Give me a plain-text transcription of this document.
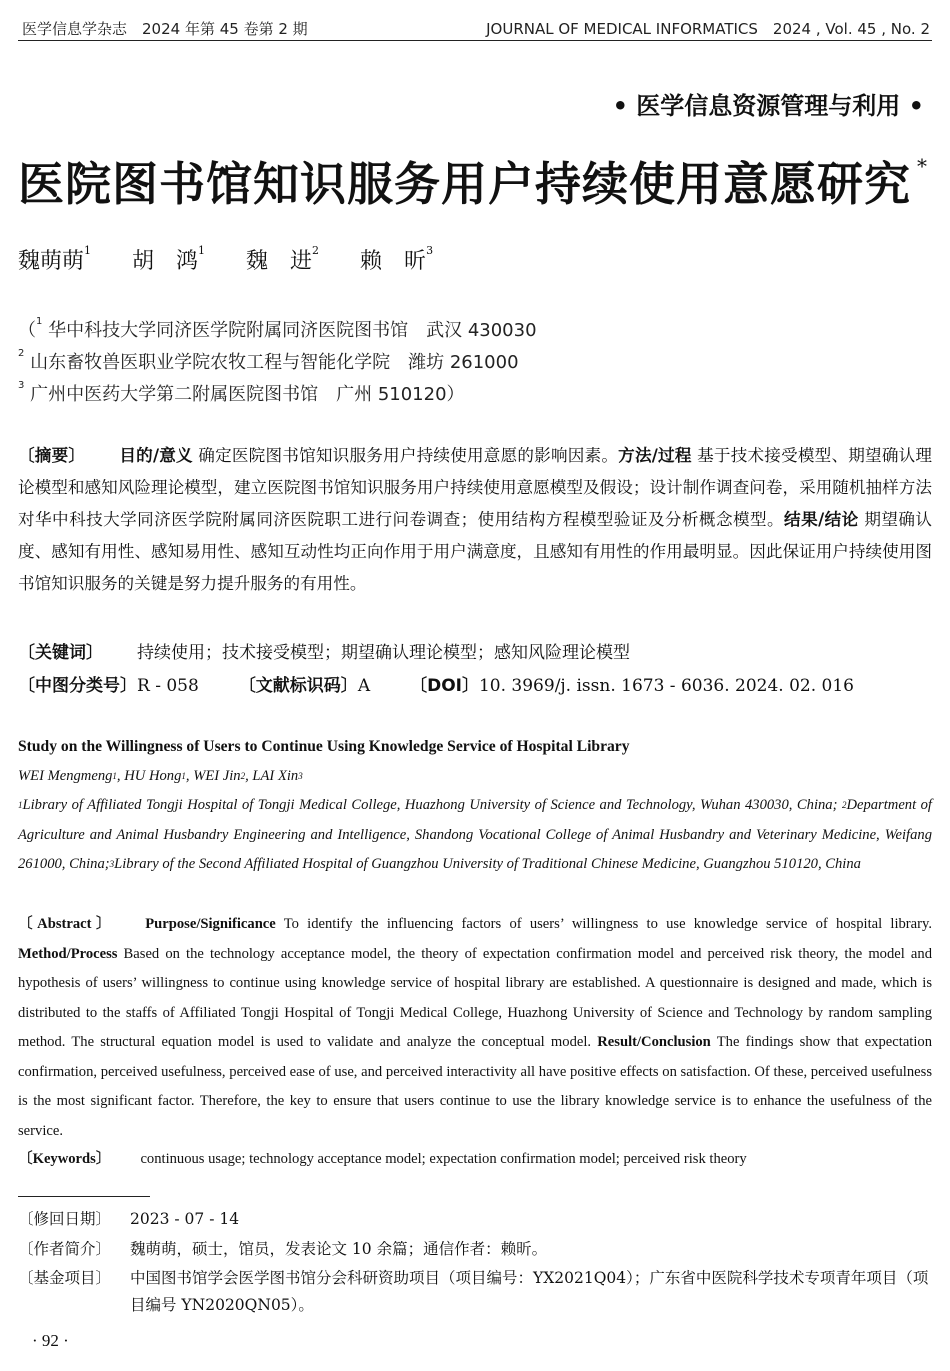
医学信息学杂志　2024 年第 45 卷第 2 期	JOURNAL OF MEDICAL INFORMATICS　2024 , Vol. 45 , No. 2
• 医学信息资源管理与利用 •
医院图书馆知识服务用户持续使用意愿研究 *
魏萌萌$^1$ 胡　鸿$^1$ 魏　进$^2$ 赖　昕$^3$
（$^1$ 华中科技大学同济医学院附属同济医院图书馆　武汉 430030
$^2$ 山东畜牧兽医职业学院农牧工程与智能化学院　潍坊 261000
$^3$ 广州中医药大学第二附属医院图书馆　广州 510120）
〔摘要〕 目的/意义 确定医院图书馆知识服务用户持续使用意愿的影响因素。方法/过程 基于技术接受模型、期望确认理论模型和感知风险理论模型，建立医院图书馆知识服务用户持续使用意愿模型及假设；设计制作调查问卷，采用随机抽样方法对华中科技大学同济医学院附属同济医院职工进行问卷调查；使用结构方程模型验证及分析概念模型。结果/结论 期望确认度、感知有用性、感知易用性、感知互动性均正向作用于用户满意度，且感知有用性的作用最明显。因此保证用户持续使用图书馆知识服务的关键是努力提升服务的有用性。
〔关键词〕 持续使用；技术接受模型；期望确认理论模型；感知风险理论模型
〔中图分类号〕R - 058 〔文献标识码〕A 〔DOI〕10. 3969/j. issn. 1673 - 6036. 2024. 02. 016
Study on the Willingness of Users to Continue Using Knowledge Service of Hospital Library
WEI Mengmeng$^1$, HU Hong$^1$, WEI Jin$^2$, LAI Xin$^3$
$^1$Library of Affiliated Tongji Hospital of Tongji Medical College, Huazhong University of Science and Technology, Wuhan 430030, China; $^2$Department of Agriculture and Animal Husbandry Engineering and Intelligence, Shandong Vocational College of Animal Husbandry and Veterinary Medicine, Weifang 261000, China;$^3$Library of the Second Affiliated Hospital of Guangzhou University of Traditional Chinese Medicine, Guangzhou 510120, China
〔Abstract〕 Purpose/Significance To identify the influencing factors of users’ willingness to use knowledge service of hospital library. Method/Process Based on the technology acceptance model, the theory of expectation confirmation model and perceived risk theory, the model and hypothesis of users’ willingness to continue using knowledge service of hospital library are established. A questionnaire is designed and made, which is distributed to the staffs of Affiliated Tongji Hospital of Tongji Medical College, Huazhong University of Science and Technology by random sampling method. The structural equation model is used to validate and analyze the conceptual model. Result/Conclusion The findings show that expectation confirmation, perceived usefulness, perceived ease of use, and perceived interactivity all have positive effects on satisfaction. Of these, perceived usefulness is the most significant factor. Therefore, the key to ensure that users continue to use the library knowledge service is to enhance the usefulness of the service.
〔Keywords〕 continuous usage; technology acceptance model; expectation confirmation model; perceived risk theory
〔修回日期〕 2023 - 07 - 14
〔作者简介〕 魏萌萌，硕士，馆员，发表论文 10 余篇；通信作者：赖昕。
〔基金项目〕 中国图书馆学会医学图书馆分会科研资助项目（项目编号：YX2021Q04）；广东省中医院科学技术专项青年项目（项目编号 YN2020QN05）。
· 92 ·
